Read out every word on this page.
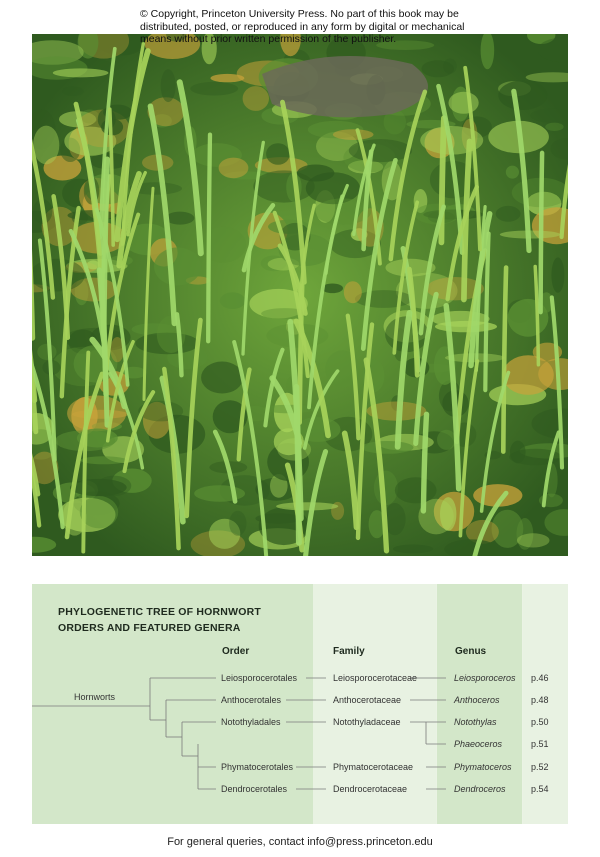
© Copyright, Princeton University Press. No part of this book may be distributed, posted, or reproduced in any form by digital or mechanical means without prior written permission of the publisher.
PHYLOGENETIC TREE OF HORNWORT
ORDERS AND FEATURED GENERA
Order	Family	Genus
Hornworts
Leiosporocerotales	Leiosporocerotaceae	Leiosporoceros p.46
Anthocerotales	Anthocerotaceae	Anthoceros	p.48
Notothyladales	Notothyladaceae	Notothylas	p.50
Phaeoceros	p.51
Phymatocerotales	Phymatocerotaceae	Phymatoceros p.52
Dendrocerotales	Dendrocerotaceae	Dendroceros	p.54
For general queries, contact info@press.princeton.edu
